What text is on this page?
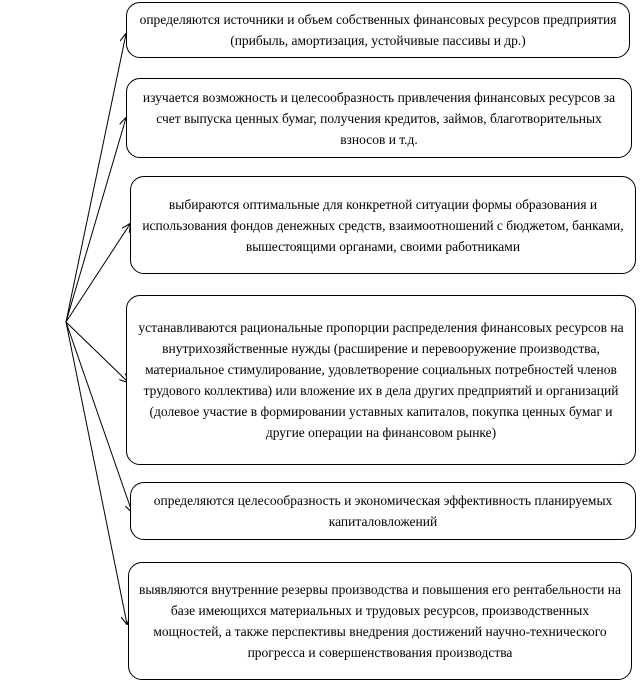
определяются источники и объем собственных финансовых ресурсов предприятия (прибыль, амортизация, устойчивые пассивы и др.)
изучается возможность и целесообразность привлечения финансовых ресурсов за счет выпуска ценных бумаг, получения кредитов, займов, благотворительных взносов и т.д.
выбираются оптимальные для конкретной ситуации формы образования и использования фондов денежных средств, взаимоотношений с бюджетом, банками, вышестоящими органами, своими работниками
устанавливаются рациональные пропорции распределения финансовых ресурсов на внутрихозяйственные нужды (расширение и перевооружение производства, материальное стимулирование, удовлетворение социальных потребностей членов трудового коллектива) или вложение их в дела других предприятий и организаций (долевое участие в формировании уставных капиталов, покупка ценных бумаг и другие операции на финансовом рынке)
определяются целесообразность и экономическая эффективность планируемых капиталовложений
выявляются внутренние резервы производства и повышения его рентабельности на базе имеющихся материальных и трудовых ресурсов, производственных мощностей, а также перспективы внедрения достижений научно-технического прогресса и совершенствования производства
